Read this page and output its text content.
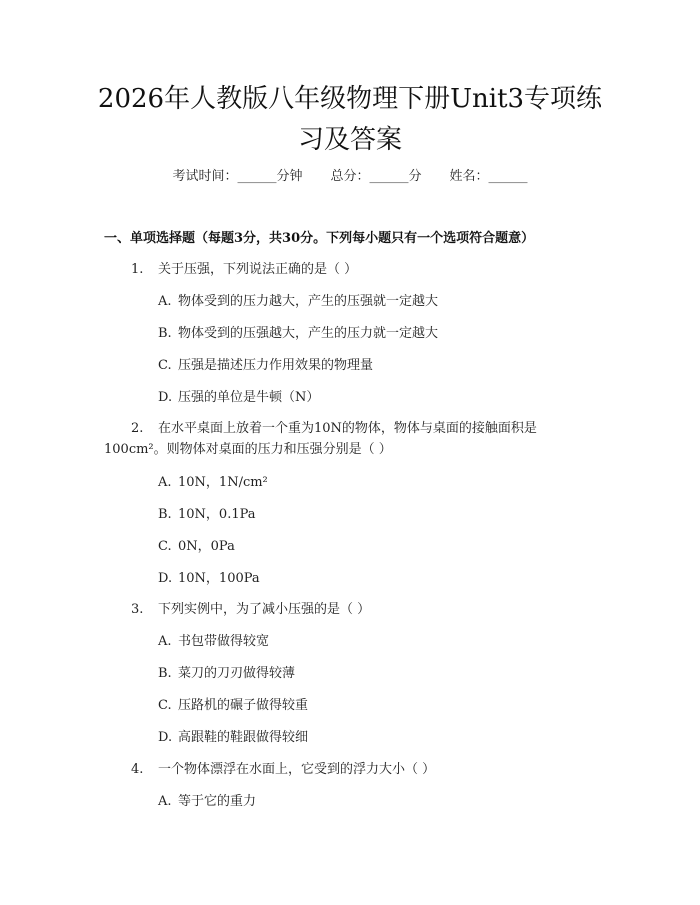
2026年人教版八年级物理下册Unit3专项练
习及答案
考试时间：______分钟 总分：______分 姓名：______
一、单项选择题（每题3分，共30分。下列每小题只有一个选项符合题意）
1. 关于压强，下列说法正确的是（ ）
A. 物体受到的压力越大，产生的压强就一定越大
B. 物体受到的压强越大，产生的压力就一定越大
C. 压强是描述压力作用效果的物理量
D. 压强的单位是牛顿（N）
2. 在水平桌面上放着一个重为10N的物体，物体与桌面的接触面积是
100cm²。则物体对桌面的压力和压强分别是（ ）
A. 10N，1N/cm²
B. 10N，0.1Pa
C. 0N，0Pa
D. 10N，100Pa
3. 下列实例中，为了减小压强的是（ ）
A. 书包带做得较宽
B. 菜刀的刀刃做得较薄
C. 压路机的碾子做得较重
D. 高跟鞋的鞋跟做得较细
4. 一个物体漂浮在水面上，它受到的浮力大小（ ）
A. 等于它的重力
